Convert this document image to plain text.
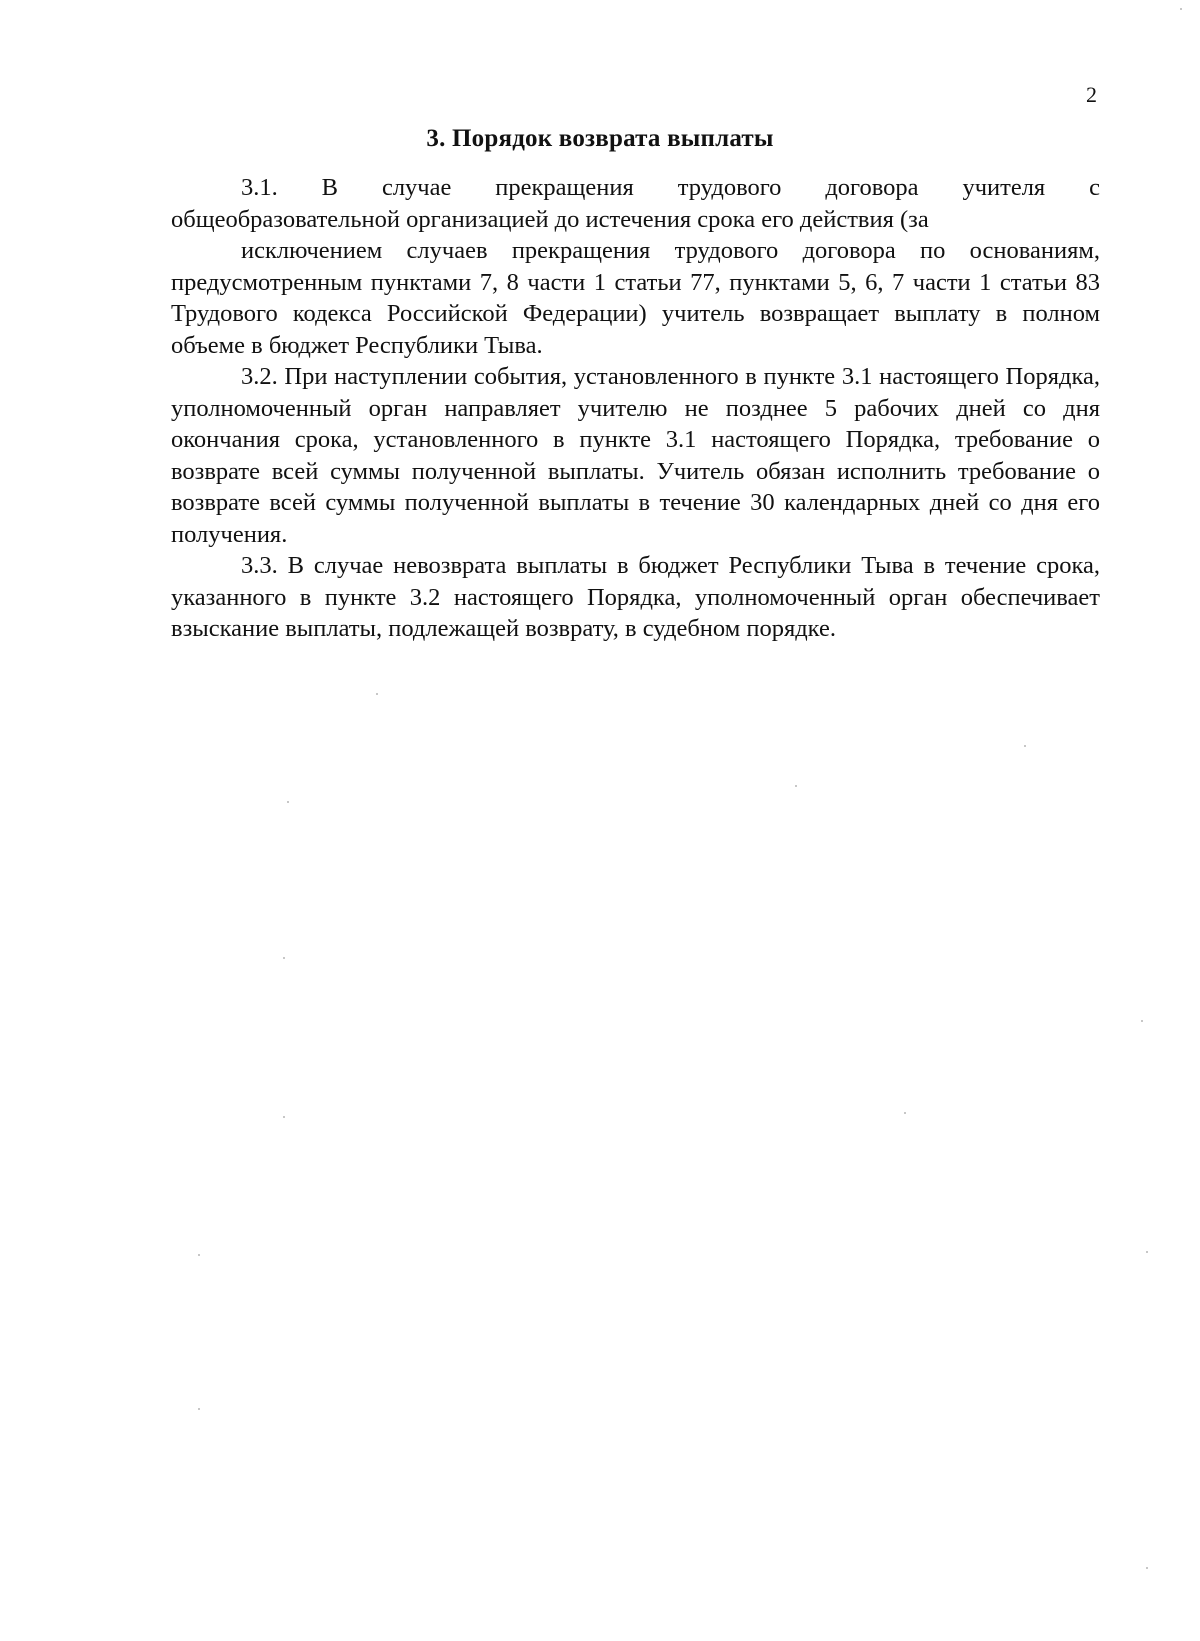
2
3. Порядок возврата выплаты

3.1. В случае прекращения трудового договора учителя с

общеобразовательной организацией до истечения срока его действия (за

исключением случаев прекращения трудового договора по основаниям, предусмотренным пунктами 7, 8 части 1 статьи 77, пунктами 5, 6, 7 части 1 статьи 83 Трудового кодекса Российской Федерации) учитель возвращает выплату в полном объеме в бюджет Республики Тыва.

3.2. При наступлении события, установленного в пункте 3.1 настоящего Порядка, уполномоченный орган направляет учителю не позднее 5 рабочих дней со дня окончания срока, установленного в пункте 3.1 настоящего Порядка, требование о возврате всей суммы полученной выплаты. Учитель обязан исполнить требование о возврате всей суммы полученной выплаты в течение 30 календарных дней со дня его получения.

3.3. В случае невозврата выплаты в бюджет Республики Тыва в течение срока, указанного в пункте 3.2 настоящего Порядка, уполномоченный орган обеспечивает взыскание выплаты, подлежащей возврату, в судебном порядке.
